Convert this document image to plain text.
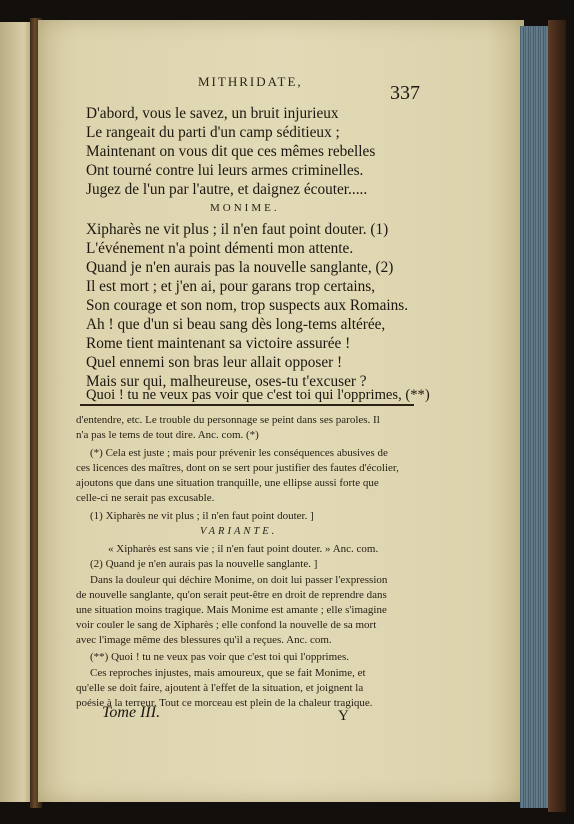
MITHRIDATE,
337
D'abord, vous le savez, un bruit injurieux
Le rangeait du parti d'un camp séditieux ;
Maintenant on vous dit que ces mêmes rebelles
Ont tourné contre lui leurs armes criminelles.
Jugez de l'un par l'autre, et daignez écouter.....
MONIME.
Xipharès ne vit plus ; il n'en faut point douter. (1)
L'événement n'a point démenti mon attente.
Quand je n'en aurais pas la nouvelle sanglante, (2)
Il est mort ; et j'en ai, pour garans trop certains,
Son courage et son nom, trop suspects aux Romains.
Ah ! que d'un si beau sang dès long-tems altérée,
Rome tient maintenant sa victoire assurée !
Quel ennemi son bras leur allait opposer !
Mais sur qui, malheureuse, oses-tu t'excuser ?
Quoi ! tu ne veux pas voir que c'est toi qui l'opprimes, (**)
d'entendre, etc. Le trouble du personnage se peint dans ses paroles. Il
n'a pas le tems de tout dire. Anc. com. (*)
(*) Cela est juste ; mais pour prévenir les conséquences abusives de
ces licences des maîtres, dont on se sert pour justifier des fautes d'écolier,
ajoutons que dans une situation tranquille, une ellipse aussi forte que
celle-ci ne serait pas excusable.
(1) Xipharès ne vit plus ; il n'en faut point douter. ]
VARIANTE.
« Xipharès est sans vie ; il n'en faut point douter. » Anc. com.
(2) Quand je n'en aurais pas la nouvelle sanglante. ]
Dans la douleur qui déchire Monime, on doit lui passer l'expression
de nouvelle sanglante, qu'on serait peut-être en droit de reprendre dans
une situation moins tragique. Mais Monime est amante ; elle s'imagine
voir couler le sang de Xipharès ; elle confond la nouvelle de sa mort
avec l'image même des blessures qu'il a reçues. Anc. com.
(**) Quoi ! tu ne veux pas voir que c'est toi qui l'opprimes.
Ces reproches injustes, mais amoureux, que se fait Monime, et
qu'elle se doit faire, ajoutent à l'effet de la situation, et joignent la
poésie à la terreur. Tout ce morceau est plein de la chaleur tragique.
Tome III.	Y
